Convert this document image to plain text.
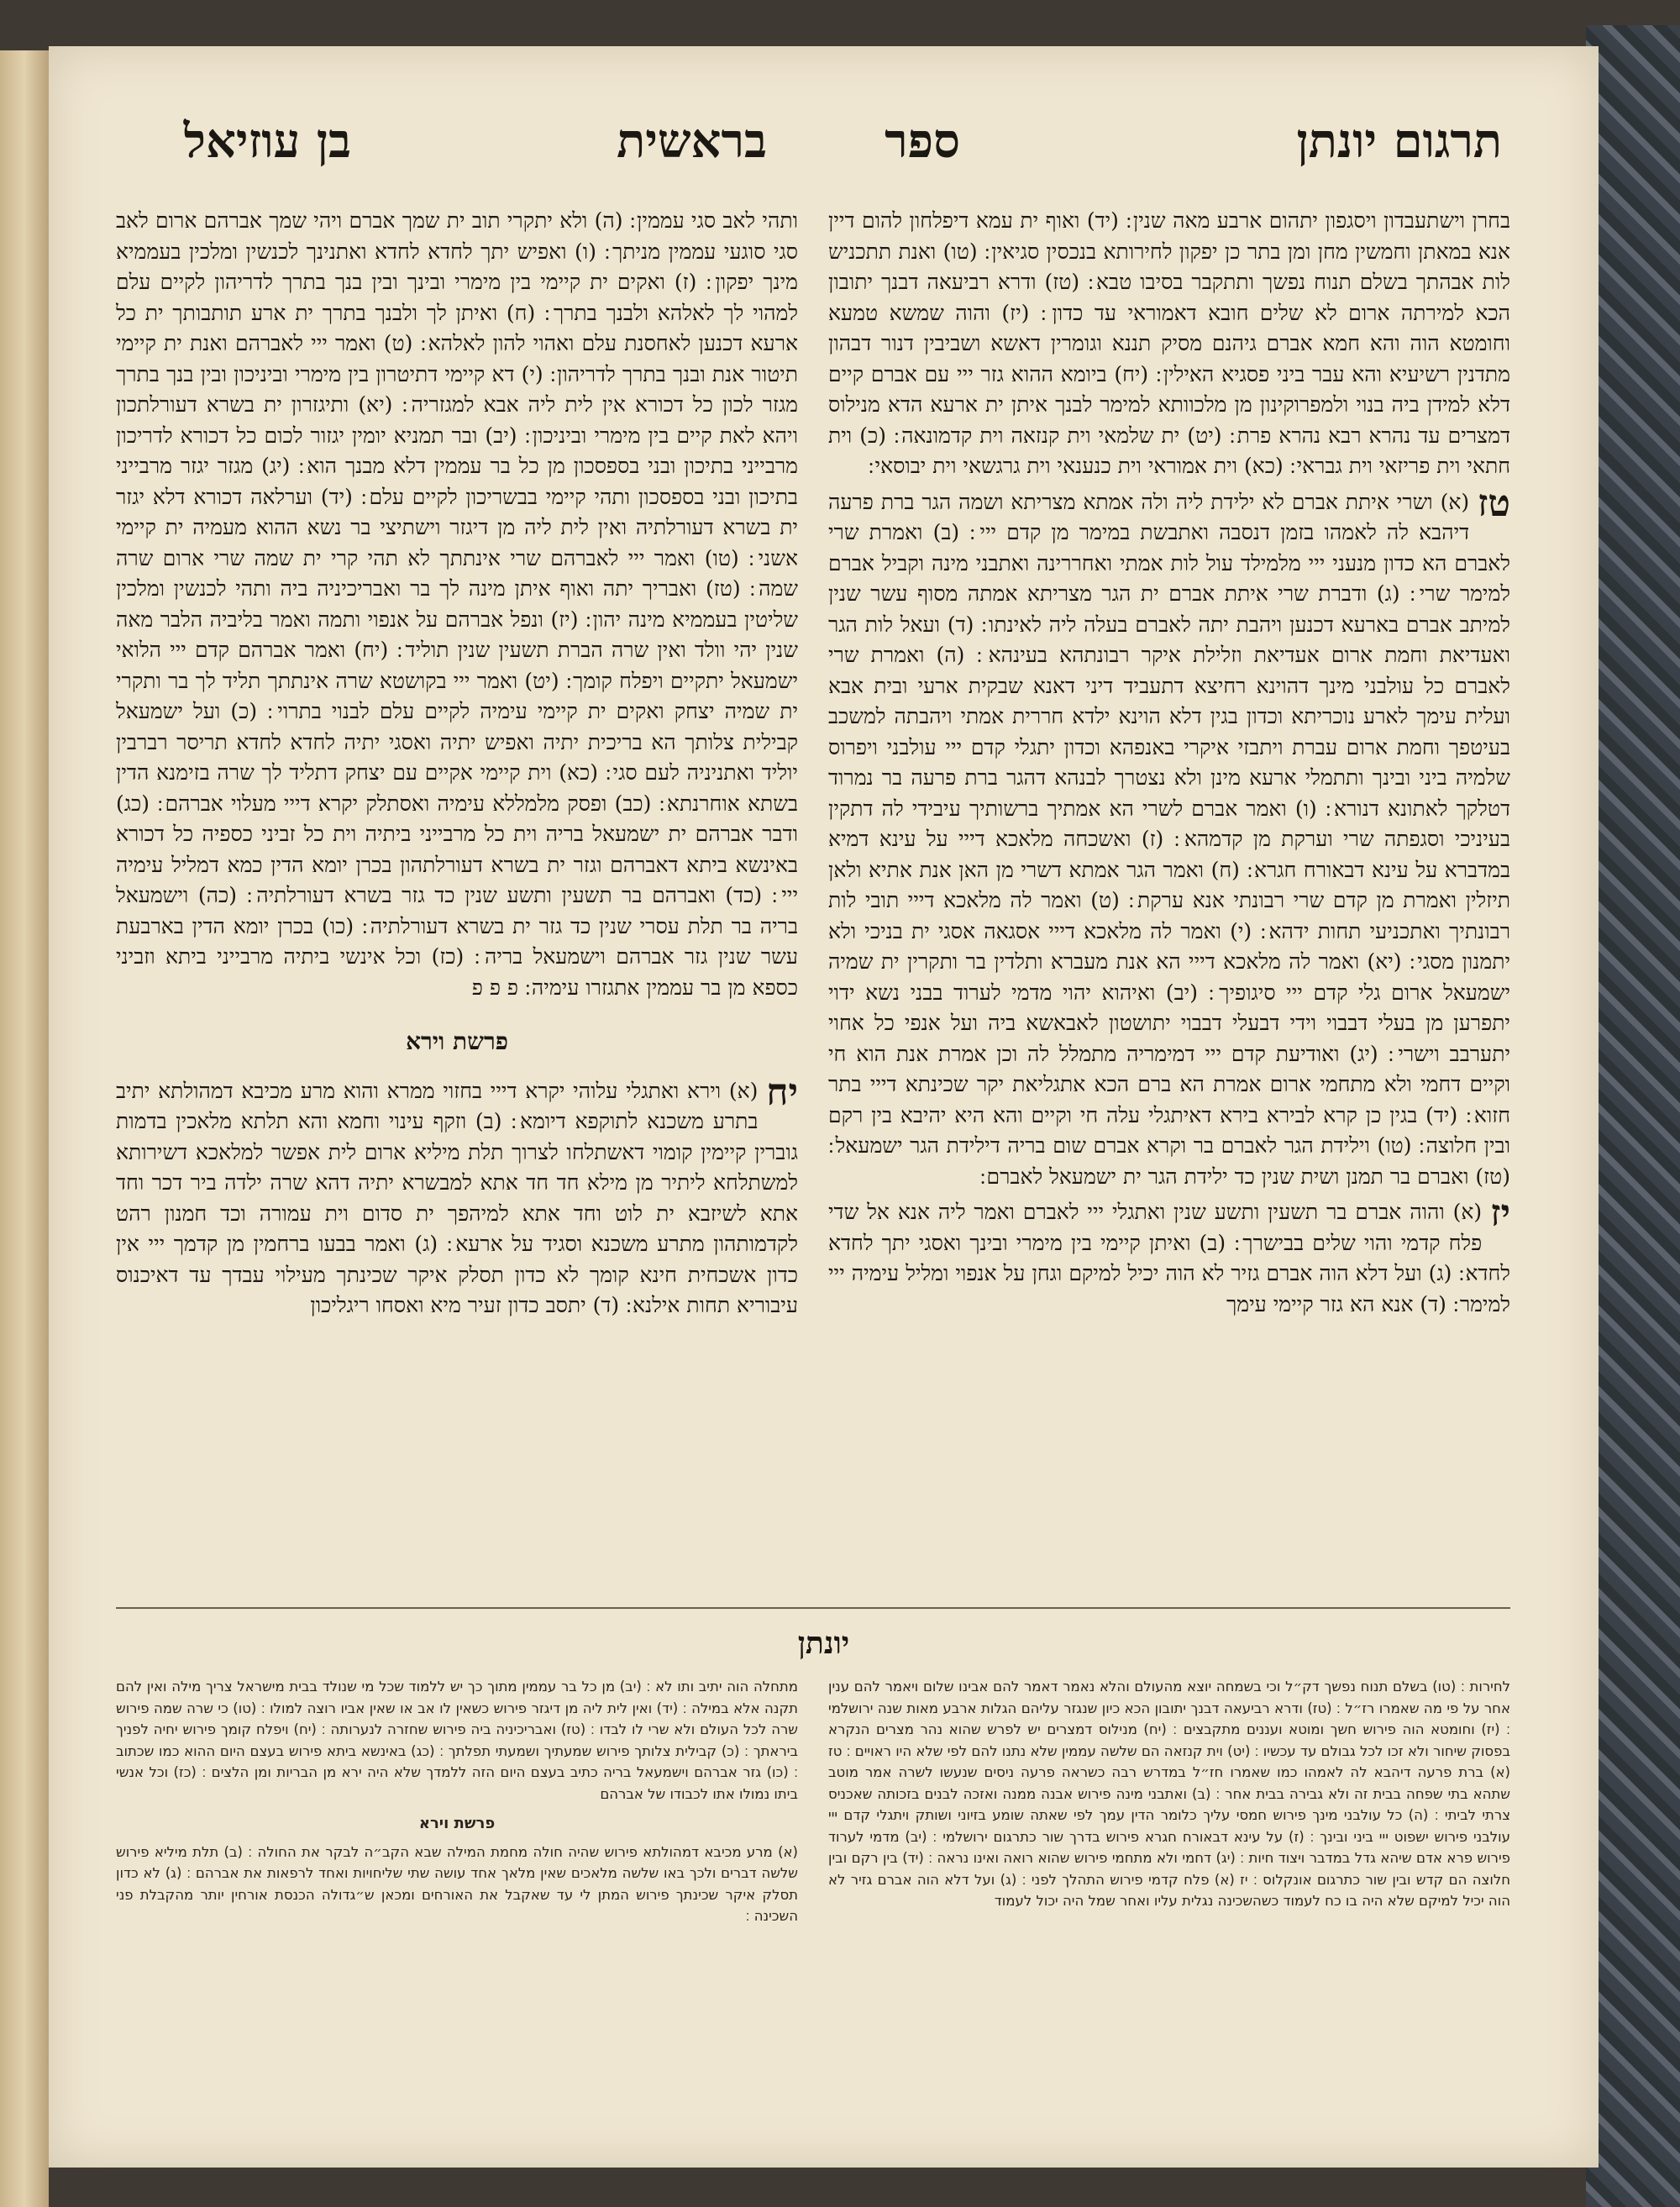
תרגום יונתן
ספר
בראשית
בן עוזיאל

בחרן וישתעבדון ויסגפון יתהום ארבע מאה שנין ׃ (יד) ואוף ית עמא דיפלחון להום דיין אנא במאתן וחמשין מחן ומן בתר כן יפקון לחירותא בנכסין סגיאין ׃ (טו) ואנת תתכניש לות אבהתך בשלם תנוח נפשך ותתקבר בסיבו טבא ׃ (טז) ודרא רביעאה דבנך יתובון הכא למירתה ארום לא שלים חובא דאמוראי עד כדון ׃ (יז) והוה שמשא טמעא וחומטא הוה והא חמא אברם גיהנם מסיק תננא וגומרין דאשא ושביבין דנור דבהון מתדנין רשיעיא והא עבר ביני פסגיא האילין ׃ (יח) ביומא ההוא גזר ייי עם אברם קיים דלא למידן ביה בנוי ולמפרוקינון מן מלכוותא למימר לבנך איתן ית ארעא הדא מנילוס דמצרים עד נהרא רבא נהרא פרת ׃ (יט) ית שלמאי וית קנזאה וית קדמונאה ׃ (כ) וית חתאי וית פריזאי וית גבראי ׃ (כא) וית אמוראי וית כנענאי וית גרגשאי וית יבוסאי ׃

טז
(א) ושרי איתת אברם לא ילידת ליה ולה אמתא מצריתא ושמה הגר ברת פרעה דיהבא לה לאמהו בזמן דנסבה ואתבשת במימר מן קדם ייי ׃ (ב) ואמרת שרי לאברם הא כדון מנעני ייי מלמילד עול לות אמתי ואחררינה ואתבני מינה וקביל אברם למימר שרי ׃ (ג) ודברת שרי איתת אברם ית הגר מצריתא אמתה מסוף עשר שנין למיתב אברם בארעא דכנען ויהבת יתה לאברם בעלה ליה לאינתו ׃ (ד) ועאל לות הגר ואעדיאת וחמת ארום אעדיאת וזלילת איקר רבונתהא בעינהא ׃ (ה) ואמרת שרי לאברם כל עולבני מינך דהוינא רחיצא דתעביד דיני דאנא שבקית ארעי ובית אבא ועלית עימך לארע נוכריתא וכדון בגין דלא הוינא ילדא חררית אמתי ויהבתה למשכב בעיטפך וחמת ארום עברת ויתבזי איקרי באנפהא וכדון יתגלי קדם ייי עולבני ויפרוס שלמיה ביני ובינך ותתמלי ארעא מינן ולא נצטרך לבנהא דהגר ברת פרעה בר נמרוד דטלקך לאתונא דנורא ׃ (ו) ואמר אברם לשרי הא אמתיך ברשותיך עיבידי לה דתקין בעיניכי וסגפתה שרי וערקת מן קדמהא ׃ (ז) ואשכחה מלאכא דייי על עינא דמיא במדברא על עינא דבאורח חגרא ׃ (ח) ואמר הגר אמתא דשרי מן האן אנת אתיא ולאן תיזלין ואמרת מן קדם שרי רבונתי אנא ערקת ׃ (ט) ואמר לה מלאכא דייי תובי לות רבונתיך ואתכניעי תחות ידהא ׃ (י) ואמר לה מלאכא דייי אסגאה אסגי ית בניכי ולא יתמנון מסגי ׃ (יא) ואמר לה מלאכא דייי הא אנת מעברא ותלדין בר ותקרין ית שמיה ישמעאל ארום גלי קדם ייי סיגופיך ׃ (יב) ואיהוא יהוי מדמי לערוד בבני נשא ידוי יתפרען מן בעלי דבבוי וידי דבעלי דבבוי יתושטון לאבאשא ביה ועל אנפי כל אחוי יתערבב וישרי ׃ (יג) ואודיעת קדם ייי דמימריה מתמלל לה וכן אמרת אנת הוא חי וקיים דחמי ולא מתחמי ארום אמרת הא ברם הכא אתגליאת יקר שכינתא דייי בתר חזוא ׃ (יד) בגין כן קרא לבירא בירא דאיתגלי עלה חי וקיים והא היא יהיבא בין רקם ובין חלוצה ׃ (טו) וילידת הגר לאברם בר וקרא אברם שום בריה דילידת הגר ישמעאל ׃ (טז) ואברם בר תמנן ושית שנין כד ילידת הגר ית ישמעאל לאברם ׃

יז
(א) והוה אברם בר תשעין ותשע שנין ואתגלי ייי לאברם ואמר ליה אנא אל שדי פלח קדמי והוי שלים בבישרך ׃ (ב) ואיתן קיימי בין מימרי ובינך ואסגי יתך לחדא לחדא ׃ (ג) ועל דלא הוה אברם גזיר לא הוה יכיל למיקם וגחן על אנפוי ומליל עימיה ייי למימר ׃ (ד) אנא הא גזר קיימי עימך

ותהי לאב סגי עממין ׃ (ה) ולא יתקרי תוב ית שמך אברם ויהי שמך אברהם ארום לאב סגי סוגעי עממין מניתך ׃ (ו) ואפיש יתך לחדא לחדא ואתנינך לכנשין ומלכין בעממיא מינך יפקון ׃ (ז) ואקים ית קיימי בין מימרי ובינך ובין בנך בתרך לדריהון לקיים עלם למהוי לך לאלהא ולבנך בתרך ׃ (ח) ואיתן לך ולבנך בתרך ית ארע תותבותך ית כל ארעא דכנען לאחסנת עלם ואהוי להון לאלהא ׃ (ט) ואמר ייי לאברהם ואנת ית קיימי תיטור אנת ובנך בתרך לדריהון ׃ (י) דא קיימי דתיטרון בין מימרי וביניכון ובין בנך בתרך מגזר לכון כל דכורא אין לית ליה אבא למגזריה ׃ (יא) ותיגזרון ית בשרא דעורלתכון ויהא לאת קיים בין מימרי וביניכון ׃ (יב) ובר תמניא יומין יגזור לכום כל דכורא לדריכון מרבייני בתיכון ובני בספסכון מן כל בר עממין דלא מבנך הוא ׃ (יג) מגזר יגזר מרבייני בתיכון ובני בספסכון ותהי קיימי בבשריכון לקיים עלם ׃ (יד) וערלאה דכורא דלא יגזר ית בשרא דעורלתיה ואין לית ליה מן דיגזר וישתיצי בר נשא ההוא מעמיה ית קיימי אשני ׃ (טו) ואמר ייי לאברהם שרי אינתתך לא תהי קרי ית שמה שרי ארום שרה שמה ׃ (טז) ואבריך יתה ואוף איתן מינה לך בר ואבריכיניה ביה ותהי לכנשין ומלכין שליטין בעממיא מינה יהון ׃ (יז) ונפל אברהם על אנפוי ותמה ואמר בליביה הלבר מאה שנין יהי וולד ואין שרה הברת תשעין שנין תוליד ׃ (יח) ואמר אברהם קדם ייי הלואי ישמעאל יתקיים ויפלח קומך ׃ (יט) ואמר ייי בקושטא שרה אינתתך תליד לך בר ותקרי ית שמיה יצחק ואקים ית קיימי עימיה לקיים עלם לבנוי בתרוי ׃ (כ) ועל ישמעאל קבילית צלותך הא בריכית יתיה ואפיש יתיה ואסגי יתיה לחדא לחדא תריסר רברבין יוליד ואתניניה לעם סגי ׃ (כא) וית קיימי אקיים עם יצחק דתליד לך שרה בזימנא הדין בשתא אוחרנתא ׃ (כב) ופסק מלמללא עימיה ואסתלק יקרא דייי מעלוי אברהם ׃ (כג) ודבר אברהם ית ישמעאל בריה וית כל מרבייני ביתיה וית כל זביני כספיה כל דכורא באינשא ביתא דאברהם וגזר ית בשרא דעורלתהון בכרן יומא הדין כמא דמליל עימיה ייי ׃ (כד) ואברהם בר תשעין ותשע שנין כד גזר בשרא דעורלתיה ׃ (כה) וישמעאל בריה בר תלת עסרי שנין כד גזר ית בשרא דעורלתיה ׃ (כו) בכרן יומא הדין בארבעת עשר שנין גזר אברהם וישמעאל בריה ׃ (כז) וכל אינשי ביתיה מרבייני ביתא וזביני כספא מן בר עממין אתגזרו עימיה ׃ פ פ פ

פרשת וירא

יח
(א) וירא ואתגלי עלוהי יקרא דייי בחזוי ממרא והוא מרע מכיבא דמהולתא יתיב בתרע משכנא לתוקפא דיומא ׃ (ב) וזקף עינוי וחמא והא תלתא מלאכין בדמות גוברין קיימין קומוי דאשתלחו לצרוך תלת מיליא ארום לית אפשר למלאכא דשירותא למשתלחא ליתיר מן מילא חד חד אתא למבשרא יתיה דהא שרה ילדה ביר דכר וחד אתא לשיזבא ית לוט וחד אתא למיהפך ית סדום וית עמורה וכד חמנון רהט לקדמותהון מתרע משכנא וסגיד על ארעא ׃ (ג) ואמר בבעו ברחמין מן קדמך ייי אין כדון אשכחית חינא קומך לא כדון תסלק איקר שכינתך מעילוי עבדך עד דאיכנוס עיבוריא תחות אילנא ׃ (ד) יתסב כדון זעיר מיא ואסחו ריגליכון

יונתן

לחירות ׃ (טו) בשלם תנוח נפשך דק״ל וכי בשמחה יוצא מהעולם והלא נאמר דאמר להם אבינו שלום ויאמר להם ענין אחר על פי מה שאמרו רז״ל ׃ (טז) ודרא רביעאה דבנך יתובון הכא כיון שנגזר עליהם הגלות ארבע מאות שנה ירושלמי ׃ (יז) וחומטא הוה פירוש חשך ומוטא ועננים מתקבצים ׃ (יח) מנילוס דמצרים יש לפרש שהוא נהר מצרים הנקרא בפסוק שיחור ולא זכו לכל גבולם עד עכשיו ׃ (יט) וית קנזאה הם שלשה עממין שלא נתנו להם לפי שלא היו ראויים ׃ טז (א) ברת פרעה דיהבא לה לאמהו כמו שאמרו חז״ל במדרש רבה כשראה פרעה ניסים שנעשו לשרה אמר מוטב שתהא בתי שפחה בבית זה ולא גבירה בבית אחר ׃ (ב) ואתבני מינה פירוש אבנה ממנה ואזכה לבנים בזכותה שאכניס צרתי לביתי ׃ (ה) כל עולבני מינך פירוש חמסי עליך כלומר הדין עמך לפי שאתה שומע בזיוני ושותק ויתגלי קדם ייי עולבני פירוש ישפוט ייי ביני ובינך ׃ (ז) על עינא דבאורח חגרא פירוש בדרך שור כתרגום ירושלמי ׃ (יב) מדמי לערוד פירוש פרא אדם שיהא גדל במדבר ויצוד חיות ׃ (יג) דחמי ולא מתחמי פירוש שהוא רואה ואינו נראה ׃ (יד) בין רקם ובין חלוצה הם קדש ובין שור כתרגום אונקלוס ׃ יז (א) פלח קדמי פירוש התהלך לפני ׃ (ג) ועל דלא הוה אברם גזיר לא הוה יכיל למיקם שלא היה בו כח לעמוד כשהשכינה נגלית עליו ואחר שמל היה יכול לעמוד

מתחלה הוה יתיב ותו לא ׃ (יב) מן כל בר עממין מתוך כך יש ללמוד שכל מי שנולד בבית מישראל צריך מילה ואין להם תקנה אלא במילה ׃ (יד) ואין לית ליה מן דיגזר פירוש כשאין לו אב או שאין אביו רוצה למולו ׃ (טו) כי שרה שמה פירוש שרה לכל העולם ולא שרי לו לבדו ׃ (טז) ואבריכיניה ביה פירוש שחזרה לנערותה ׃ (יח) ויפלח קומך פירוש יחיה לפניך ביראתך ׃ (כ) קבילית צלותך פירוש שמעתיך ושמעתי תפלתך ׃ (כג) באינשא ביתא פירוש בעצם היום ההוא כמו שכתוב ׃ (כו) גזר אברהם וישמעאל בריה כתיב בעצם היום הזה ללמדך שלא היה ירא מן הבריות ומן הלצים ׃ (כז) וכל אנשי ביתו נמולו אתו לכבודו של אברהם

פרשת וירא

(א) מרע מכיבא דמהולתא פירוש שהיה חולה מחמת המילה שבא הקב״ה לבקר את החולה ׃ (ב) תלת מיליא פירוש שלשה דברים ולכך באו שלשה מלאכים שאין מלאך אחד עושה שתי שליחויות ואחד לרפאות את אברהם ׃ (ג) לא כדון תסלק איקר שכינתך פירוש המתן לי עד שאקבל את האורחים ומכאן ש״גדולה הכנסת אורחין יותר מהקבלת פני השכינה ׃
